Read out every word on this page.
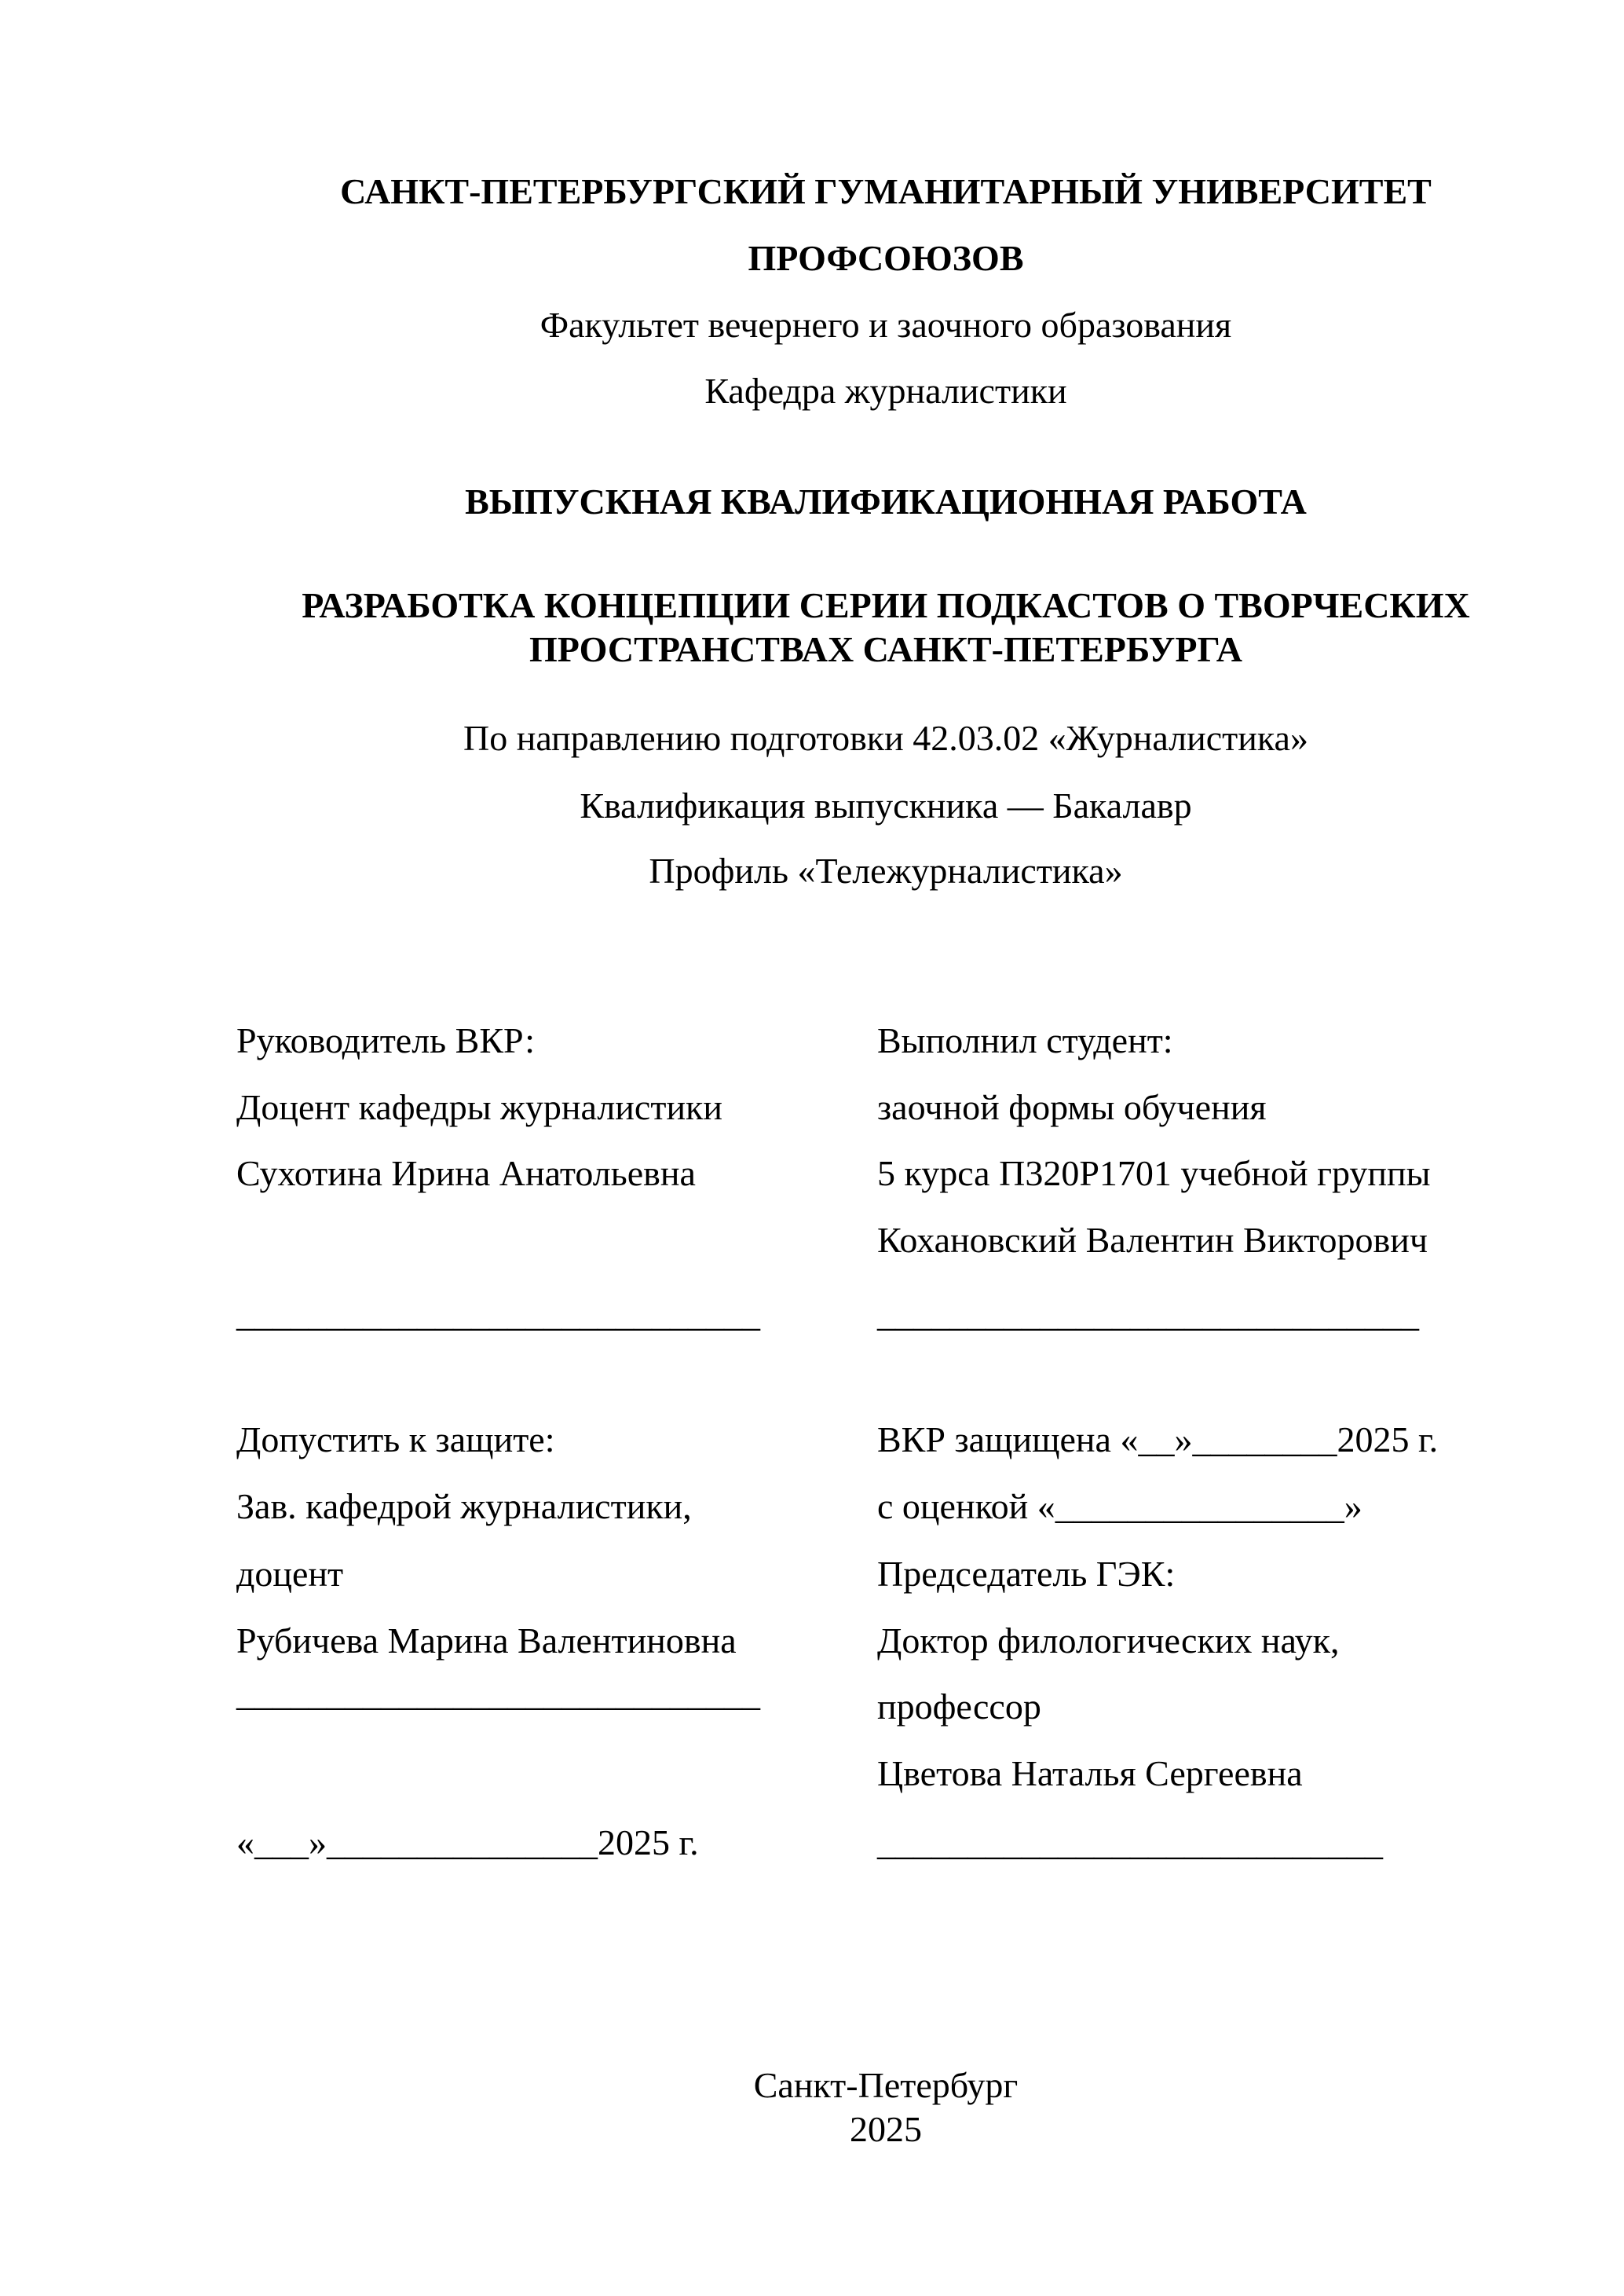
САНКТ-ПЕТЕРБУРГСКИЙ ГУМАНИТАРНЫЙ УНИВЕРСИТЕТ
ПРОФСОЮЗОВ
Факультет вечернего и заочного образования
Кафедра журналистики
ВЫПУСКНАЯ КВАЛИФИКАЦИОННАЯ РАБОТА
РАЗРАБОТКА КОНЦЕПЦИИ СЕРИИ ПОДКАСТОВ О ТВОРЧЕСКИХ
ПРОСТРАНСТВАХ САНКТ-ПЕТЕРБУРГА
По направлению подготовки 42.03.02 «Журналистика»
Квалификация выпускника — Бакалавр
Профиль «Тележурналистика»
Руководитель ВКР:
Доцент кафедры журналистики
Сухотина Ирина Анатольевна
_____________________________
Выполнил студент:
заочной формы обучения
5 курса П320Р1701 учебной группы
Кохановский Валентин Викторович
______________________________
Допустить к защите:
Зав. кафедрой журналистики,
доцент
Рубичева Марина Валентиновна
_____________________________
«___»_______________2025 г.
ВКР защищена «__»________2025 г.
с оценкой «________________»
Председатель ГЭК:
Доктор филологических наук,
профессор
Цветова Наталья Сергеевна
____________________________
Санкт-Петербург
2025
